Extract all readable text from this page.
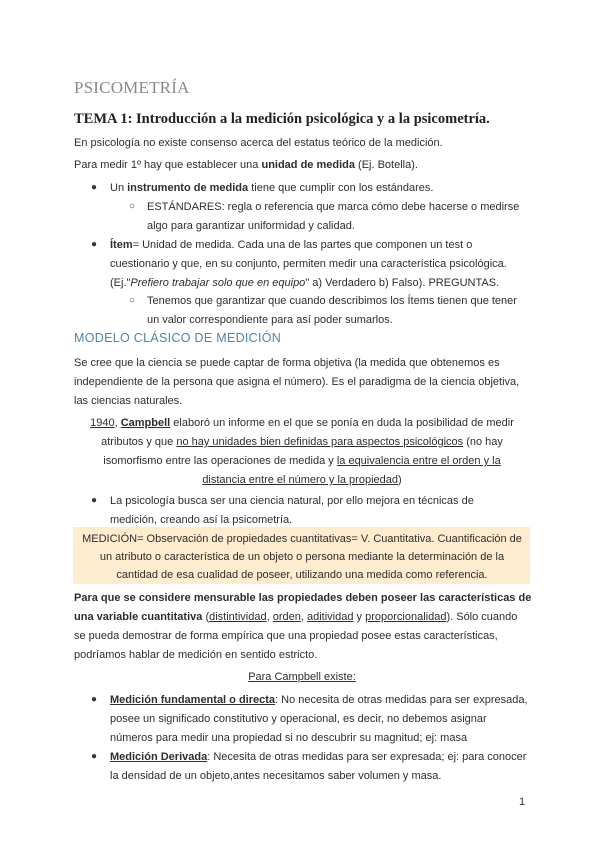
PSICOMETRÍA
TEMA 1: Introducción a la medición psicológica y a la psicometría.
En psicología no existe consenso acerca del estatus teórico de la medición.
Para medir 1º hay que establecer una unidad de medida (Ej. Botella).
● Un instrumento de medida tiene que cumplir con los estándares.
○ ESTÁNDARES: regla o referencia que marca cómo debe hacerse o medirse
algo para garantizar uniformidad y calidad.
● Ítem= Unidad de medida. Cada una de las partes que componen un test o
cuestionario y que, en su conjunto, permiten medir una característica psicológica.
(Ej."Prefiero trabajar solo que en equipo" a) Verdadero b) Falso). PREGUNTAS.
○ Tenemos que garantizar que cuando describimos los Ítems tienen que tener
un valor correspondiente para así poder sumarlos.
MODELO CLÁSICO DE MEDICIÓN
Se cree que la ciencia se puede captar de forma objetiva (la medida que obtenemos es
independiente de la persona que asigna el número). Es el paradigma de la ciencia objetiva,
las ciencias naturales.
1940, Campbell elaboró un informe en el que se ponía en duda la posibilidad de medir
atributos y que no hay unidades bien definidas para aspectos psicológicos (no hay
isomorfismo entre las operaciones de medida y la equivalencia entre el orden y la
distancia entre el número y la propiedad)
● La psicología busca ser una ciencia natural, por ello mejora en técnicas de
medición, creando así la psicometría.
MEDICIÓN= Observación de propiedades cuantitativas= V. Cuantitativa. Cuantificación de
un atributo o característica de un objeto o persona mediante la determinación de la
cantidad de esa cualidad de poseer, utilizando una medida como referencia.
Para que se considere mensurable las propiedades deben poseer las características de
una variable cuantitativa (distintividad, orden, aditividad y proporcionalidad). Sólo cuando
se pueda demostrar de forma empírica que una propiedad posee estas características,
podríamos hablar de medición en sentido estricto.
Para Campbell existe:
● Medición fundamental o directa: No necesita de otras medidas para ser expresada,
posee un significado constitutivo y operacional, es decir, no debemos asignar
números para medir una propiedad si no descubrir su magnitud; ej: masa
● Medición Derivada: Necesita de otras medidas para ser expresada; ej: para conocer
la densidad de un objeto,antes necesitamos saber volumen y masa.
1
